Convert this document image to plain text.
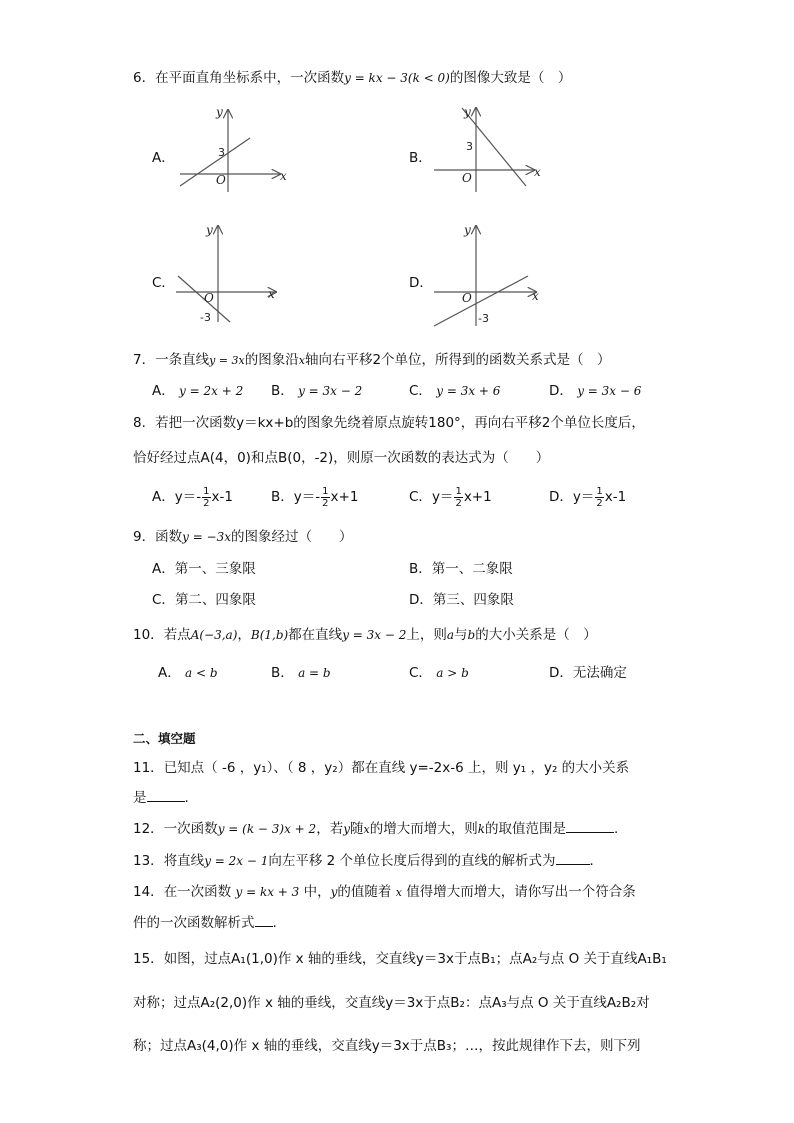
6．在平面直角坐标系中，一次函数y = kx − 3(k < 0)的图像大致是（　）
A．
y
x
O
3	B．
y
x
O
3
C．
y
x
O
-3
D．
y
x
O
-3
7．一条直线y = 3x的图象沿x轴向右平移2个单位，所得到的函数关系式是（　）
A． y = 2x + 2 B． y = 3x − 2	C． y = 3x + 6	D． y = 3x − 6
8．若把一次函数y＝kx+b的图象先绕着原点旋转180°，再向右平移2个单位长度后，
恰好经过点A(4，0)和点B(0，-2)，则原一次函数的表达式为（　　）
A．$y=- \frac{1}{2} x-1$	B．$y=- \frac{1}{2} x+1$	C．$y= \frac{1}{2} x+1$	D．$y= \frac{1}{2} x-1$
9．函数y = −3x的图象经过（　　）
A．第一、三象限	B．第一、二象限
C．第二、四象限	D．第三、四象限
10．若点A(−3,a)，B(1,b)都在直线y = 3x − 2上，则a与b的大小关系是（　）
A． a < b	B． a = b	C． a > b	D．无法确定
二、填空题
11．已知点（ -6 ，y₁）、（ 8 ，y₂）都在直线 y=-2x-6 上，则 y₁ ，y₂ 的大小关系
是	.
12．一次函数y = (k − 3)x + 2，若y随x的增大而增大，则k的取值范围是	.
13．将直线y = 2x − 1向左平移 2 个单位长度后得到的直线的解析式为	．
14．在一次函数 y = kx + 3 中，y的值随着 x 值得增大而增大，请你写出一个符合条
件的一次函数解析式 .
15．如图，过点A₁(1,0)作 x 轴的垂线，交直线y＝3x于点B₁；点A₂与点 O 关于直线A₁B₁
对称；过点A₂(2,0)作 x 轴的垂线，交直线y＝3x于点B₂：点A₃与点 O 关于直线A₂B₂对
称；过点A₃(4,0)作 x 轴的垂线，交直线y＝3x于点B₃；…，按此规律作下去，则下列
